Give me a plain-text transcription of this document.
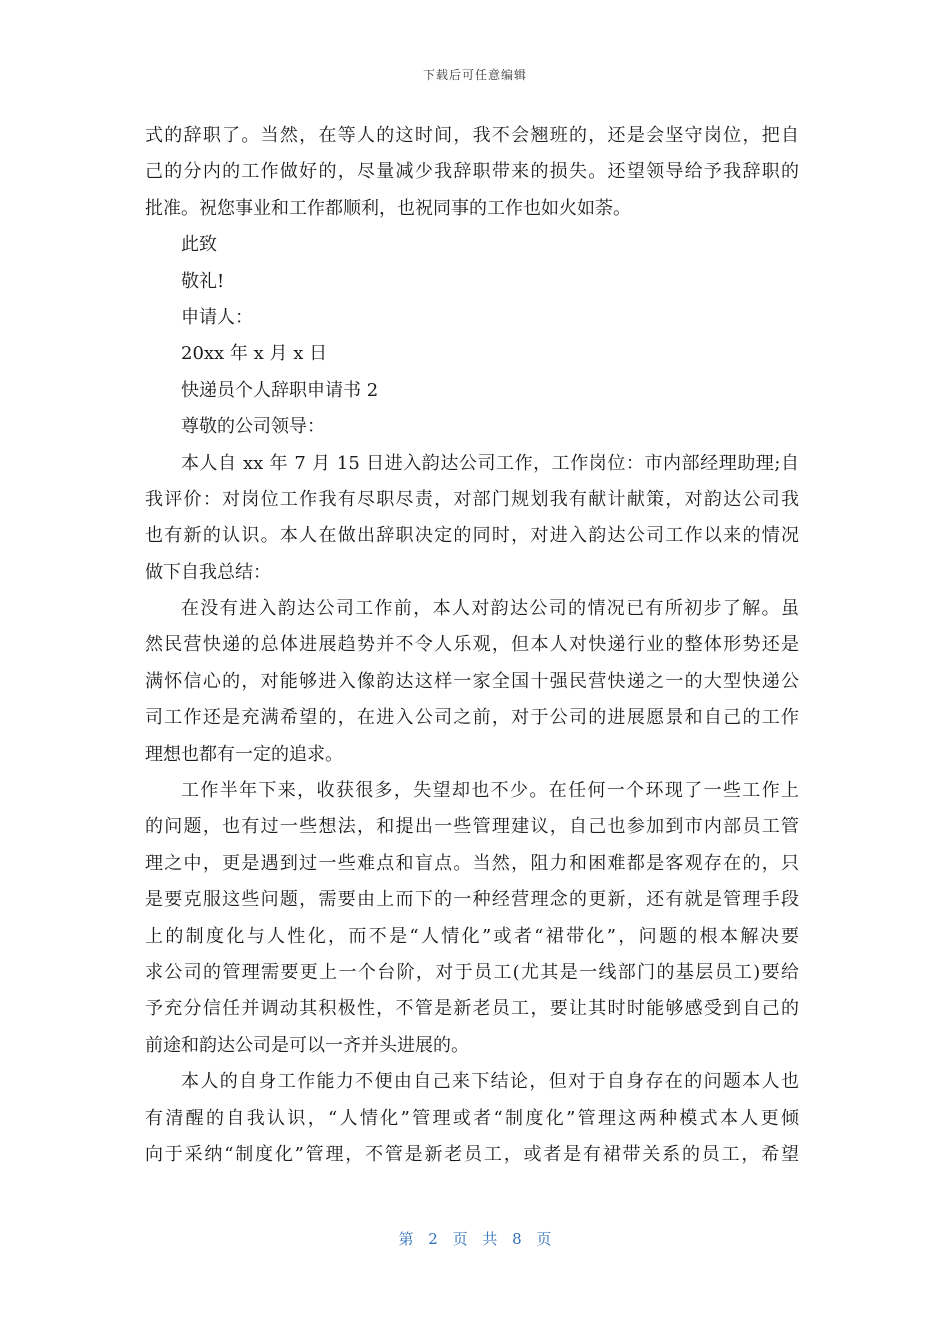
下载后可任意编辑
式的辞职了。当然，在等人的这时间，我不会翘班的，还是会坚守岗位，把自
己的分内的工作做好的，尽量减少我辞职带来的损失。还望领导给予我辞职的
批准。祝您事业和工作都顺利，也祝同事的工作也如火如荼。
此致
敬礼!
申请人：
20xx 年 x 月 x 日
快递员个人辞职申请书 2
尊敬的公司领导：
本人自 xx 年 7 月 15 日进入韵达公司工作，工作岗位：市内部经理助理;自
我评价：对岗位工作我有尽职尽责，对部门规划我有献计献策，对韵达公司我
也有新的认识。本人在做出辞职决定的同时，对进入韵达公司工作以来的情况
做下自我总结：
在没有进入韵达公司工作前，本人对韵达公司的情况已有所初步了解。虽
然民营快递的总体进展趋势并不令人乐观，但本人对快递行业的整体形势还是
满怀信心的，对能够进入像韵达这样一家全国十强民营快递之一的大型快递公
司工作还是充满希望的，在进入公司之前，对于公司的进展愿景和自己的工作
理想也都有一定的追求。
工作半年下来，收获很多，失望却也不少。在任何一个环现了一些工作上
的问题，也有过一些想法，和提出一些管理建议，自己也参加到市内部员工管
理之中，更是遇到过一些难点和盲点。当然，阻力和困难都是客观存在的，只
是要克服这些问题，需要由上而下的一种经营理念的更新，还有就是管理手段
上的制度化与人性化，而不是“人情化”或者“裙带化”，问题的根本解决要
求公司的管理需要更上一个台阶，对于员工(尤其是一线部门的基层员工)要给
予充分信任并调动其积极性，不管是新老员工，要让其时时能够感受到自己的
前途和韵达公司是可以一齐并头进展的。
本人的自身工作能力不便由自己来下结论，但对于自身存在的问题本人也
有清醒的自我认识，“人情化”管理或者“制度化”管理这两种模式本人更倾
向于采纳“制度化”管理，不管是新老员工，或者是有裙带关系的员工，希望
第 2 页 共 8 页
